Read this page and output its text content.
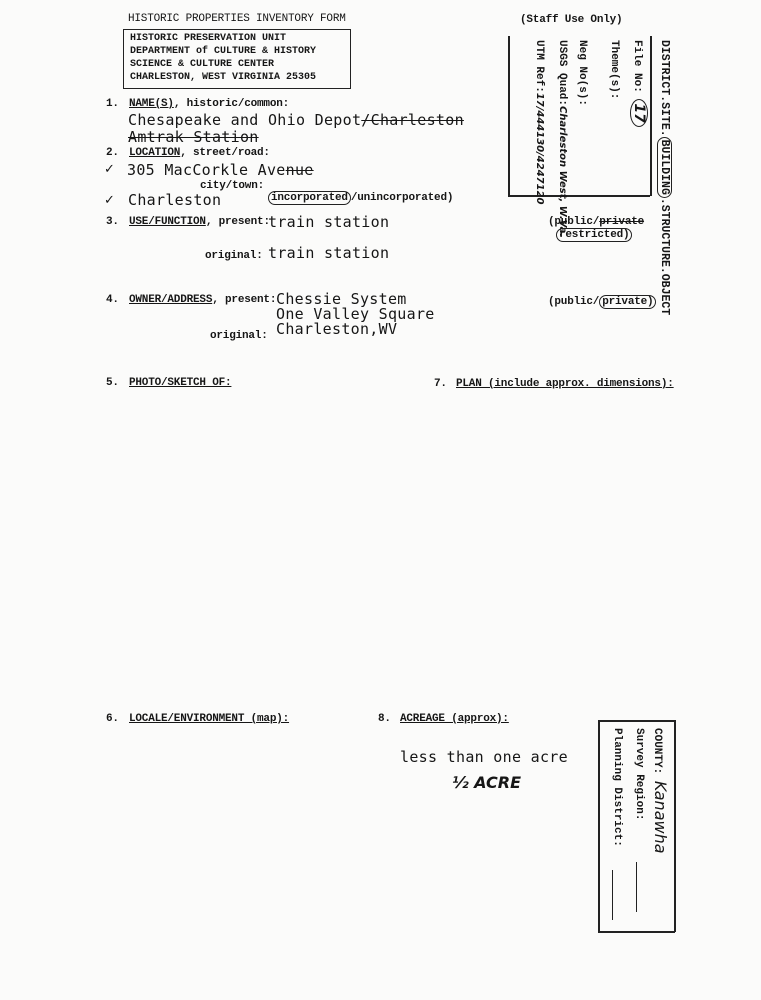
HISTORIC PROPERTIES INVENTORY FORM	(Staff Use Only)
HISTORIC PRESERVATION UNIT
DEPARTMENT of CULTURE & HISTORY
SCIENCE & CULTURE CENTER
CHARLESTON, WEST VIRGINIA 25305	File No: 17
Theme(s):
Neg No(s):
USGS Quad:Charleston West, W.Va.
UTM Ref:17/444130/4247120
DISTRICT.SITE.BUILDING.STRUCTURE.OBJECT
1. NAME(S), historic/common:
Chesapeake and Ohio Depot/Charleston
Amtrak Station
2. LOCATION, street/road:
✓ 305 MacCorkle Avenue
city/town:
✓ Charleston	incorporated /unincorporated)
3. USE/FUNCTION, present:
train station	(public/private
restricted)
original: train station
4. OWNER/ADDRESS, present: Chessie System
One Valley Square
Charleston,WV
(public/ private)
original:
5. PHOTO/SKETCH OF:	7. PLAN (include approx. dimensions):
6. LOCALE/ENVIRONMENT (map):	8. ACREAGE (approx):
less than one acre
½ ACRE
COUNTY: Kanawha
Survey Region:
Planning District:
